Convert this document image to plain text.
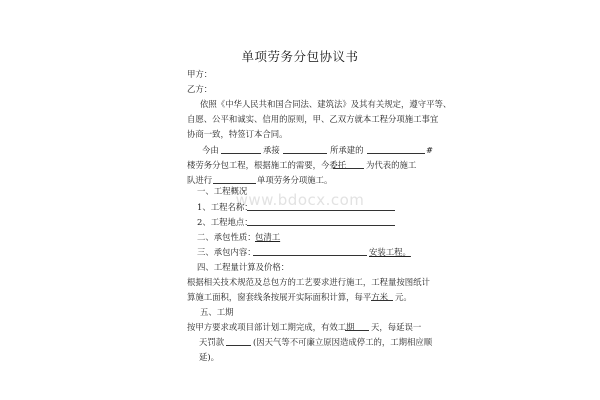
单项劳务分包协议书
甲方：
乙方：
依照《中华人民共和国合同法、建筑法》及其有关规定，遵守平等、
自愿、公平和诚实、信用的原则，甲、乙双方就本工程分项施工事宜
协商一致，特签订本合同。
今由	承接	所承建的	#
楼劳务分包工程，根据施工的需要，今委托 为代表的施工
队进行	单项劳务分项施工。
www.bdocx.com
一、工程概况
1、工程名称：
2、工程地点：
二、承包性质： 包清工
三、承包内容：	安装工程。
四、工程量计算及价格：
根据相关技术规范及总包方的工艺要求进行施工，工程量按图纸计
算施工面积，窗套线条按展开实际面积计算，每平方米 元。
五、工期
按甲方要求或项目部计划工期完成，有效工期 天，每延误一
天罚款	(因天气等不可廉立原因造成停工的，工期相应顺
延)。
